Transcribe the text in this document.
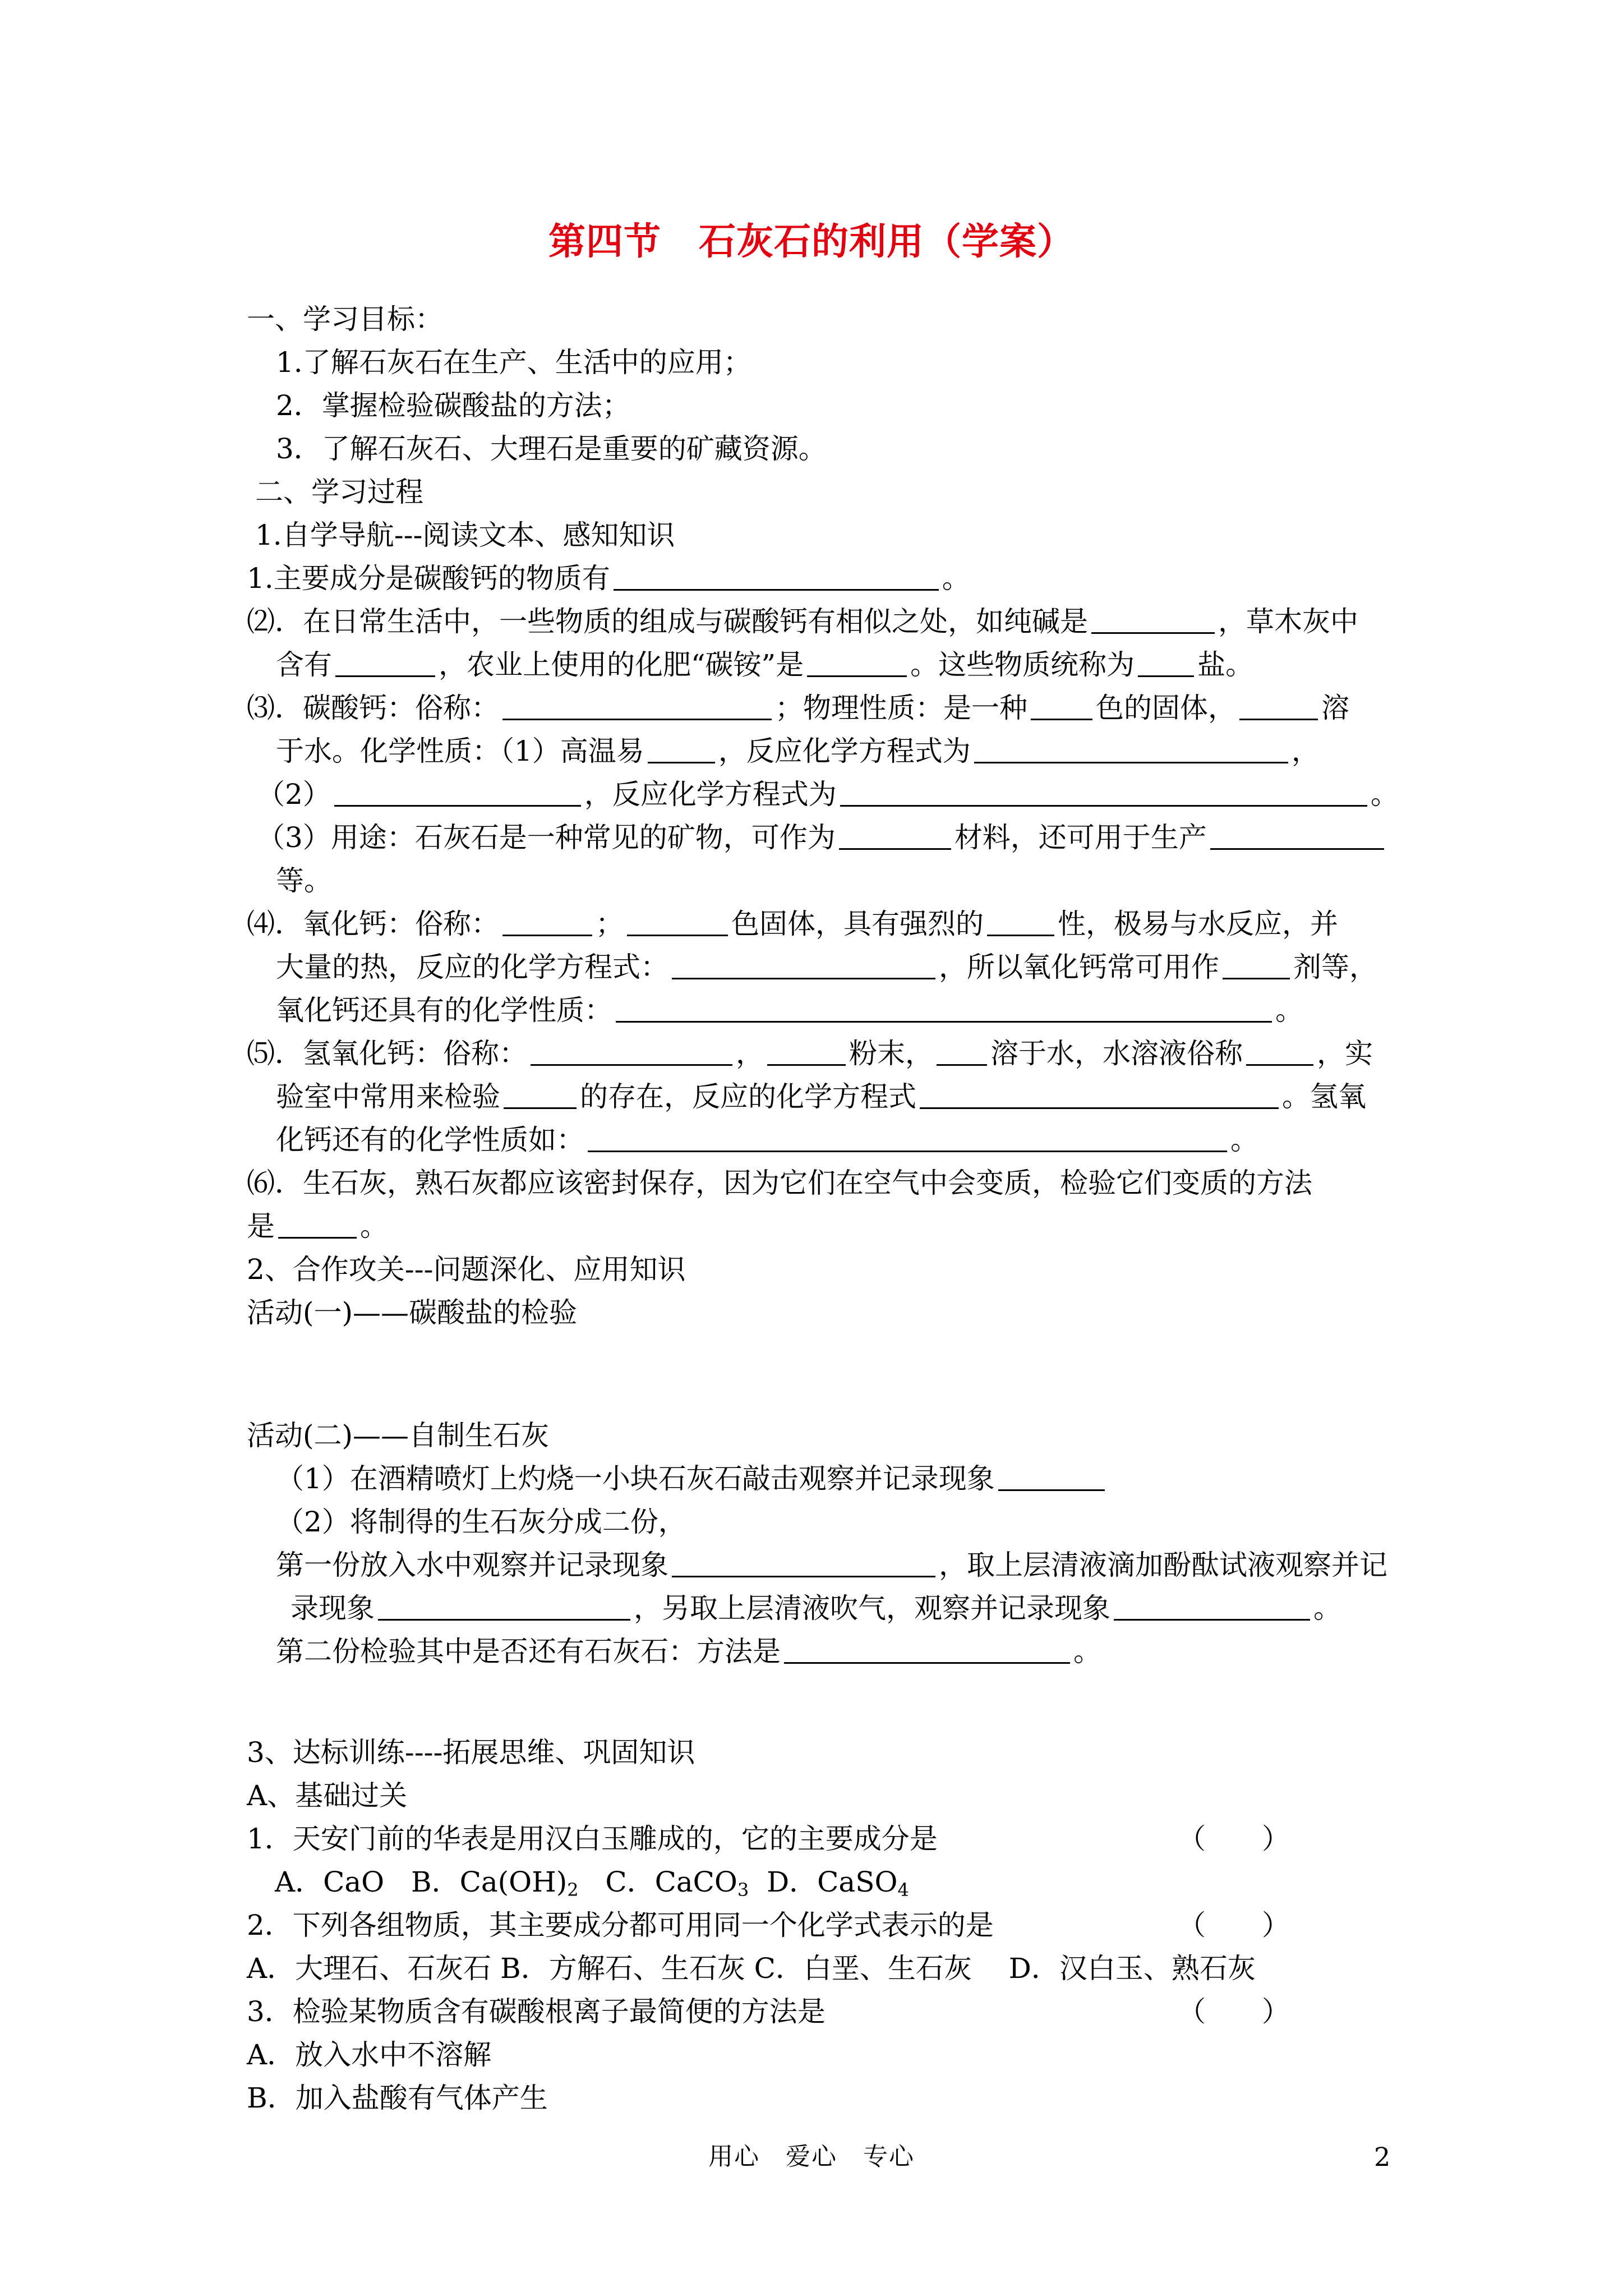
第四节　石灰石的利用（学案）
一、学习目标：
1.了解石灰石在生产、生活中的应用；
2．掌握检验碳酸盐的方法；
3．了解石灰石、大理石是重要的矿藏资源。
二、学习过程
1.自学导航---阅读文本、感知知识
1.主要成分是碳酸钙的物质有	。
⑵．在日常生活中，一些物质的组成与碳酸钙有相似之处，如纯碱是	，草木灰中
含有	，农业上使用的化肥“碳铵”是	。这些物质统称为 盐。
⑶．碳酸钙：俗称：	；物理性质：是一种 色的固体，	溶
于水。化学性质：（1）高温易	，反应化学方程式为	，
（2）	，反应化学方程式为	。
（3）用途：石灰石是一种常见的矿物，可作为	材料，还可用于生产
等。
⑷．氧化钙：俗称：	；	色固体，具有强烈的	性，极易与水反应，并
大量的热，反应的化学方程式：	，所以氧化钙常可用作	剂等，
氧化钙还具有的化学性质：	。
⑸．氢氧化钙：俗称：	，	粉末， 溶于水，水溶液俗称	，实
验室中常用来检验	的存在，反应的化学方程式	。氢氧
化钙还有的化学性质如：	。
⑹．生石灰，熟石灰都应该密封保存，因为它们在空气中会变质，检验它们变质的方法
是	。
2、合作攻关---问题深化、应用知识
活动(一)——碳酸盐的检验
活动(二)——自制生石灰
（1）在酒精喷灯上灼烧一小块石灰石敲击观察并记录现象
（2）将制得的生石灰分成二份，
第一份放入水中观察并记录现象	，取上层清液滴加酚酞试液观察并记
录现象	，另取上层清液吹气，观察并记录现象	。
第二份检验其中是否还有石灰石：方法是	。
3、达标训练----拓展思维、巩固知识
A、基础过关
1．天安门前的华表是用汉白玉雕成的，它的主要成分是	（　　）
A．CaO B．$Ca(OH)_2$ C．CaCO$_3$ D．CaSO$_4$
2．下列各组物质，其主要成分都可用同一个化学式表示的是	（　　）
A．大理石、石灰石 B．方解石、生石灰 C．白垩、生石灰　 D．汉白玉、熟石灰
3．检验某物质含有碳酸根离子最简便的方法是	（　　）
A．放入水中不溶解
B．加入盐酸有气体产生
用心　爱心　专心	2
